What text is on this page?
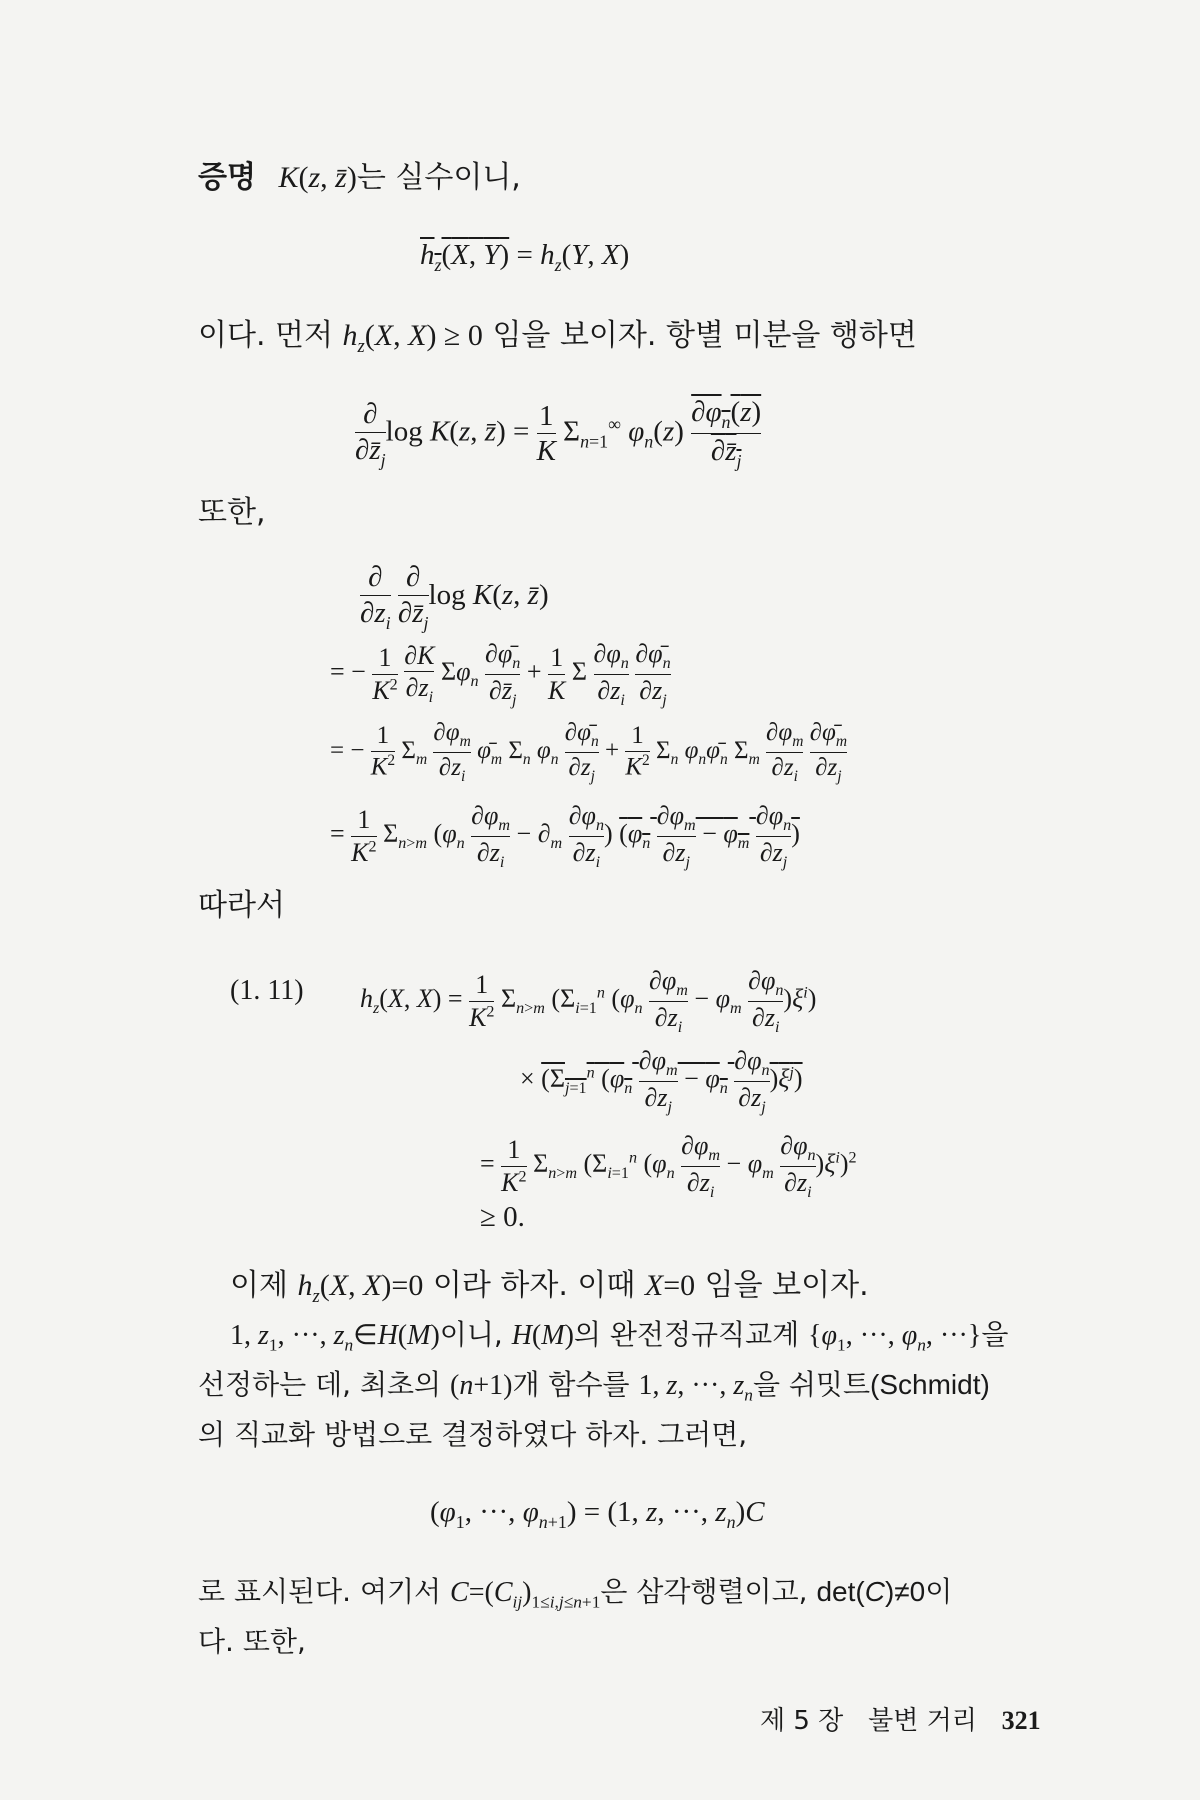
증명 K(z, z̄)는 실수이니,
$h_z(X$, $Y) = h_z(Y$, X)
이다. 먼저 $h_z(X$, X) ≥ 0 임을 보이자. 항별 미분을 행하면
∂
$\partial z̄_j$
log K(z, z̄) = $\frac{1}{K} \Sigma_{n=1}^\infty$ $\varphi_n(z) \frac{\partial\varphi_n(z)}{\partial z̄_j}$
또한,
∂
$\partial z_i$

∂
$\partial z̄_j$
log K(z, z̄)
= − $\frac{1}{K^2}$
$\frac{\partial K}{\partial z_i} \Sigma\varphi_n \frac{\partial\varphī_n}{\partial z̄_j} + \frac{1}{K}$ Σ $\frac{\partial\varphi_n}{\partial z_i}$
$\frac{\partial\varphī_n}{\partial z_j}$
= − $\frac{1}{K^2} \Sigma_m \frac{\partial\varphi_m}{\partial z_i}$ $\varphī_m$ $\Sigma_n$ $\varphi_n \frac{\partial\varphī_n}{\partial z_j} + \frac{1}{K^2} \Sigma_n$ $\varphi_n\varphī_n$ $\Sigma_m \frac{\partial\varphi_m}{\partial z_i}$
$\frac{\partial\varphī_m}{\partial z_j}$
= $\frac{1}{K^2} \Sigma_{n>m}$ ($\varphi_n \frac{\partial\varphi_m}{\partial z_i} - \partial_m \frac{\partial\varphi_n}{\partial z_i}$ ) ($\varphi_n \frac{\partial\varphi_m}{\partial z_j} - \varphi_m \frac{\partial\varphi_n}{\partial z_j}$ )
따라서
(1. 11) $h_z(X$, $X) = \frac{1}{K^2} \Sigma_{n>m}$ ($\Sigma_{i=1}^n$ $(\varphi_n \frac{\partial\varphi_m}{\partial z_i} - \varphi_m \frac{\partial\varphi_n}{\partial z_i} )\xi^i$)
× ($\Sigma_{j=1}^n$ $(\varphi_n \frac{\partial\varphi_m}{\partial z_j} - \varphi_n \frac{\partial\varphi_n}{\partial z_j} )\xi^j$)
= $\frac{1}{K^2} \Sigma_{n>m}$ ($\Sigma_{i=1}^n$ $(\varphi_n \frac{\partial\varphi_m}{\partial z_i} - \varphi_m \frac{\partial\varphi_n}{\partial z_i} )\xi^i)^2$
≥ 0.
이제 $h_z(X$, X)=0 이라 하자. 이때 X=0 임을 보이자.
1, $z_1$, ···, $z_n\in H(M)$이니, H(M)의 완전정규직교계 {$\varphi_1$, ···, $\varphi_n$, ···}을
선정하는 데, 최초의 (n+1)개 함수를 1, z, ···, $z_n$을 쉬밋트(Schmidt)
의 직교화 방법으로 결정하였다 하자. 그러면,
($\varphi_1$, ···, $\varphi_{n+1}) = (1$, z, ···, $z_n)C$
로 표시된다. 여기서 $C=(C_{ij})_{1\le i,j\le n+1}$은 삼각행렬이고, det(C)≠0이
다. 또한,
제 5 장 불변 거리 321
